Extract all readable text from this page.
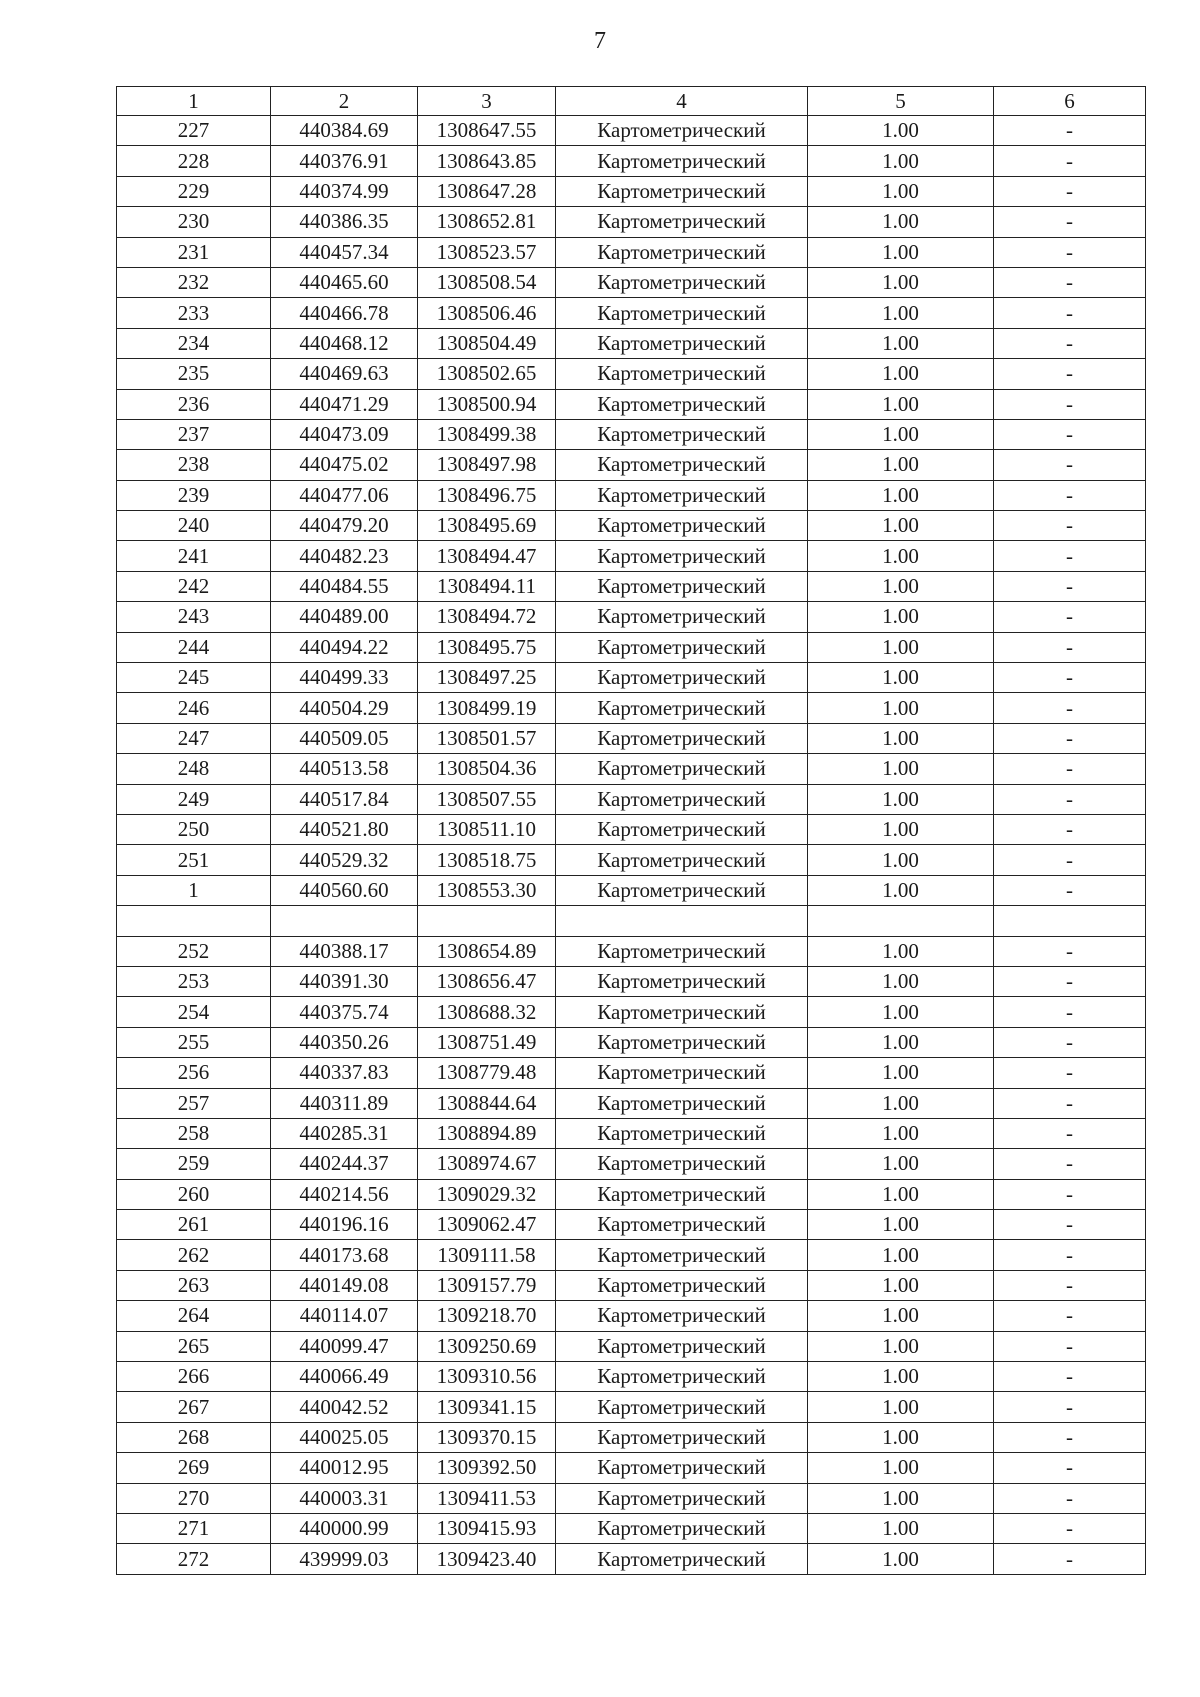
7
1	2	3	4	5	6
227	440384.69	1308647.55	Картометрический	1.00	-
228	440376.91	1308643.85	Картометрический	1.00	-
229	440374.99	1308647.28	Картометрический	1.00	-
230	440386.35	1308652.81	Картометрический	1.00	-
231	440457.34	1308523.57	Картометрический	1.00	-
232	440465.60	1308508.54	Картометрический	1.00	-
233	440466.78	1308506.46	Картометрический	1.00	-
234	440468.12	1308504.49	Картометрический	1.00	-
235	440469.63	1308502.65	Картометрический	1.00	-
236	440471.29	1308500.94	Картометрический	1.00	-
237	440473.09	1308499.38	Картометрический	1.00	-
238	440475.02	1308497.98	Картометрический	1.00	-
239	440477.06	1308496.75	Картометрический	1.00	-
240	440479.20	1308495.69	Картометрический	1.00	-
241	440482.23	1308494.47	Картометрический	1.00	-
242	440484.55	1308494.11	Картометрический	1.00	-
243	440489.00	1308494.72	Картометрический	1.00	-
244	440494.22	1308495.75	Картометрический	1.00	-
245	440499.33	1308497.25	Картометрический	1.00	-
246	440504.29	1308499.19	Картометрический	1.00	-
247	440509.05	1308501.57	Картометрический	1.00	-
248	440513.58	1308504.36	Картометрический	1.00	-
249	440517.84	1308507.55	Картометрический	1.00	-
250	440521.80	1308511.10	Картометрический	1.00	-
251	440529.32	1308518.75	Картометрический	1.00	-
1	440560.60	1308553.30	Картометрический	1.00	-

252	440388.17	1308654.89	Картометрический	1.00	-
253	440391.30	1308656.47	Картометрический	1.00	-
254	440375.74	1308688.32	Картометрический	1.00	-
255	440350.26	1308751.49	Картометрический	1.00	-
256	440337.83	1308779.48	Картометрический	1.00	-
257	440311.89	1308844.64	Картометрический	1.00	-
258	440285.31	1308894.89	Картометрический	1.00	-
259	440244.37	1308974.67	Картометрический	1.00	-
260	440214.56	1309029.32	Картометрический	1.00	-
261	440196.16	1309062.47	Картометрический	1.00	-
262	440173.68	1309111.58	Картометрический	1.00	-
263	440149.08	1309157.79	Картометрический	1.00	-
264	440114.07	1309218.70	Картометрический	1.00	-
265	440099.47	1309250.69	Картометрический	1.00	-
266	440066.49	1309310.56	Картометрический	1.00	-
267	440042.52	1309341.15	Картометрический	1.00	-
268	440025.05	1309370.15	Картометрический	1.00	-
269	440012.95	1309392.50	Картометрический	1.00	-
270	440003.31	1309411.53	Картометрический	1.00	-
271	440000.99	1309415.93	Картометрический	1.00	-
272	439999.03	1309423.40	Картометрический	1.00	-
